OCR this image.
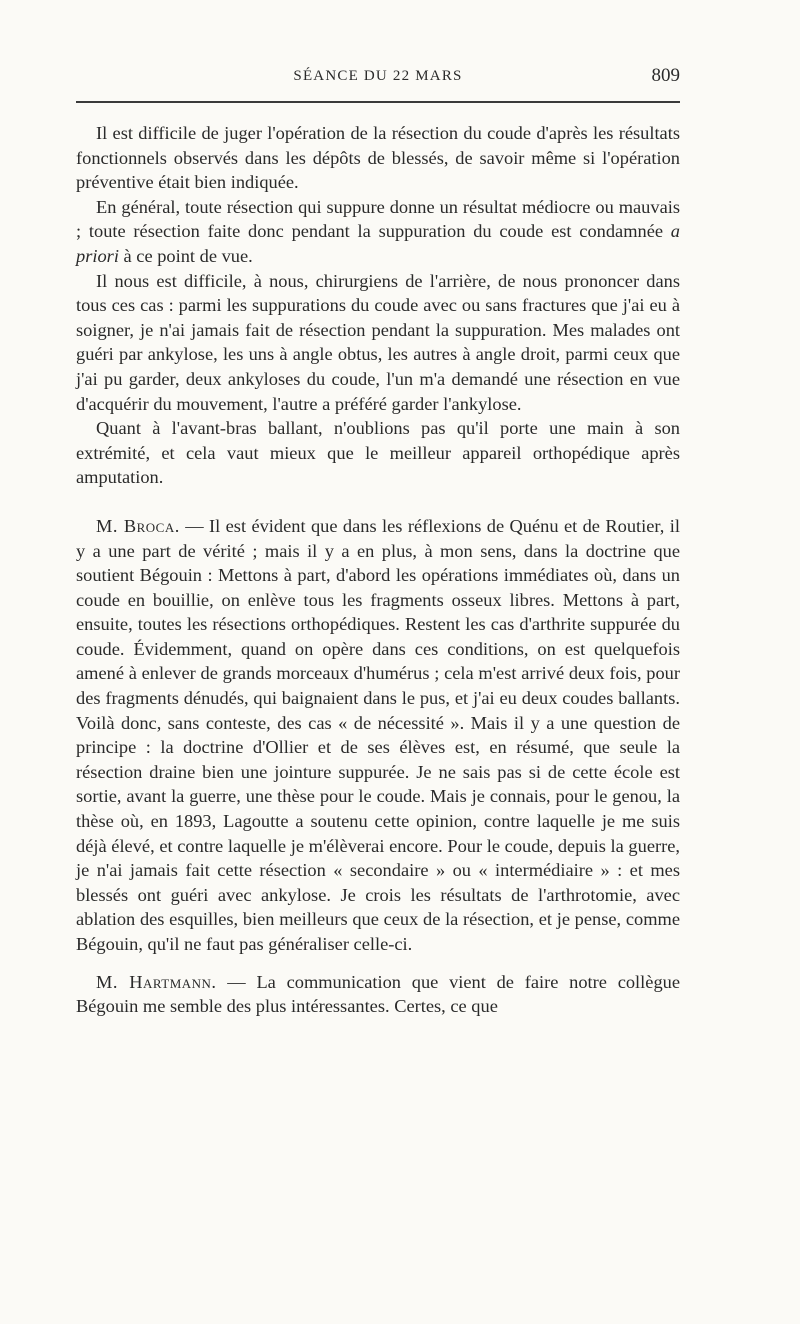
SÉANCE DU 22 MARS	809

Il est difficile de juger l'opération de la résection du coude d'après les résultats fonctionnels observés dans les dépôts de blessés, de savoir même si l'opération préventive était bien indiquée.

En général, toute résection qui suppure donne un résultat médiocre ou mauvais ; toute résection faite donc pendant la suppuration du coude est condamnée a priori à ce point de vue.

Il nous est difficile, à nous, chirurgiens de l'arrière, de nous prononcer dans tous ces cas : parmi les suppurations du coude avec ou sans fractures que j'ai eu à soigner, je n'ai jamais fait de résection pendant la suppuration. Mes malades ont guéri par ankylose, les uns à angle obtus, les autres à angle droit, parmi ceux que j'ai pu garder, deux ankyloses du coude, l'un m'a demandé une résection en vue d'acquérir du mouvement, l'autre a préféré garder l'ankylose.

Quant à l'avant-bras ballant, n'oublions pas qu'il porte une main à son extrémité, et cela vaut mieux que le meilleur appareil orthopédique après amputation.

M. Broca. — Il est évident que dans les réflexions de Quénu et de Routier, il y a une part de vérité ; mais il y a en plus, à mon sens, dans la doctrine que soutient Bégouin : Mettons à part, d'abord les opérations immédiates où, dans un coude en bouillie, on enlève tous les fragments osseux libres. Mettons à part, ensuite, toutes les résections orthopédiques. Restent les cas d'arthrite suppurée du coude. Évidemment, quand on opère dans ces conditions, on est quelquefois amené à enlever de grands morceaux d'humérus ; cela m'est arrivé deux fois, pour des fragments dénudés, qui baignaient dans le pus, et j'ai eu deux coudes ballants. Voilà donc, sans conteste, des cas « de nécessité ». Mais il y a une question de principe : la doctrine d'Ollier et de ses élèves est, en résumé, que seule la résection draine bien une jointure suppurée. Je ne sais pas si de cette école est sortie, avant la guerre, une thèse pour le coude. Mais je connais, pour le genou, la thèse où, en 1893, Lagoutte a soutenu cette opinion, contre laquelle je me suis déjà élevé, et contre laquelle je m'élèverai encore. Pour le coude, depuis la guerre, je n'ai jamais fait cette résection « secondaire » ou « intermédiaire » : et mes blessés ont guéri avec ankylose. Je crois les résultats de l'arthrotomie, avec ablation des esquilles, bien meilleurs que ceux de la résection, et je pense, comme Bégouin, qu'il ne faut pas généraliser celle-ci.

M. Hartmann. — La communication que vient de faire notre collègue Bégouin me semble des plus intéressantes. Certes, ce que
